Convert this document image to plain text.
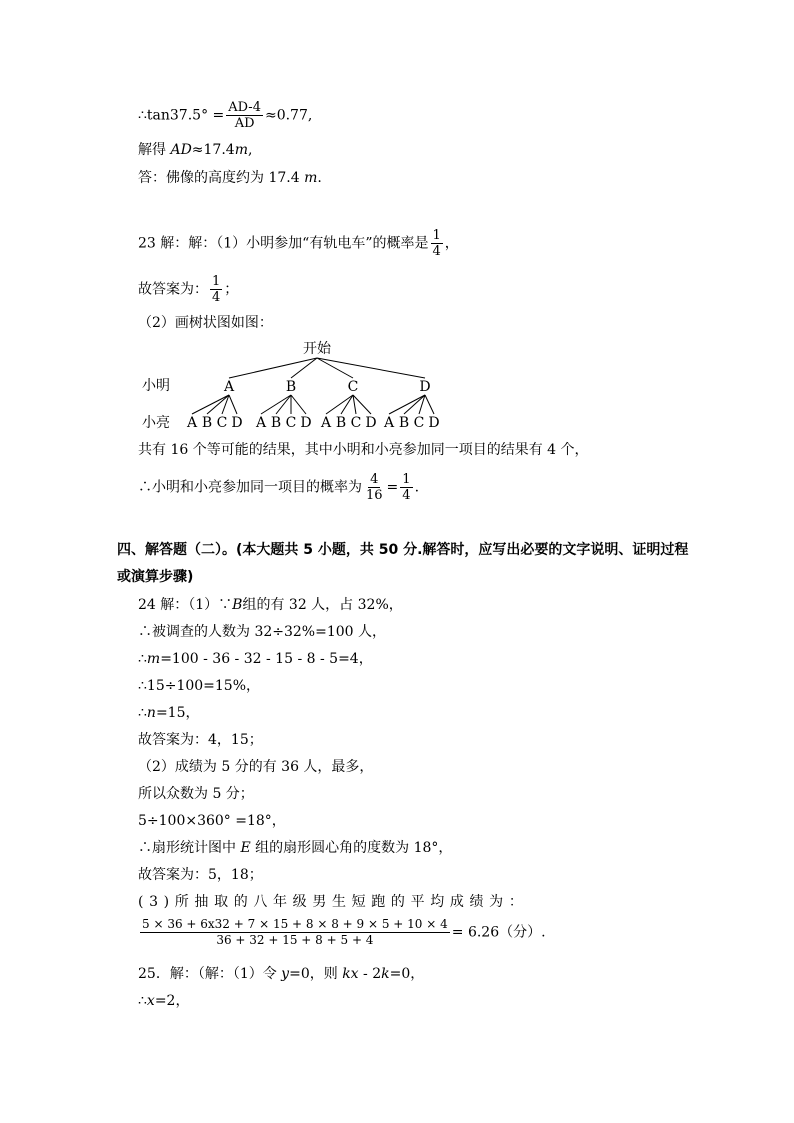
∴tan37.5° = $\frac{AD-4}{AD} \approx 0.77$,
解得 AD≈17.4m,
答：佛像的高度约为 17.4 m.
23 解：解：（1）小明参加“有轨电车”的概率是 $\frac{1}{4}$ ，
故答案为： $\frac{1}{4}$ ；
（2）画树状图如图：
开始
小明
小亮
A
A B C D
B
A B C D
C
A B C D
D
A B C D
共有 16 个等可能的结果，其中小明和小亮参加同一项目的结果有 4 个，
∴小明和小亮参加同一项目的概率为 $\frac{4}{16} = \frac{1}{4}$ .
四、解答题（二）。(本大题共 5 小题，共 50 分.解答时，应写出必要的文字说明、证明过程
或演算步骤)
24 解：（1）∵B组的有 32 人，占 32%，
∴被调查的人数为 32÷32%=100 人，
∴m=100 - 36 - 32 - 15 - 8 - 5=4，
∴15÷100=15%，
∴n=15，
故答案为：4，15；
（2）成绩为 5 分的有 36 人，最多，
所以众数为 5 分；
5÷100×360° =18°，
∴扇形统计图中 E 组的扇形圆心角的度数为 18°，
故答案为：5，18；
( 3 ) 所 抽 取 的 八 年 级 男 生 短 跑 的 平 均 成 绩 为 ：
$\frac{5 \times 36 + 6x32 + 7 \times 15 + 8 \times 8 + 9 \times 5 + 10 \times 4}{36 + 32 + 15 + 8 + 5 + 4} = 6.26$（分）.
25．解：（解：（1）令 y=0，则 kx - 2k=0，
∴x=2，
